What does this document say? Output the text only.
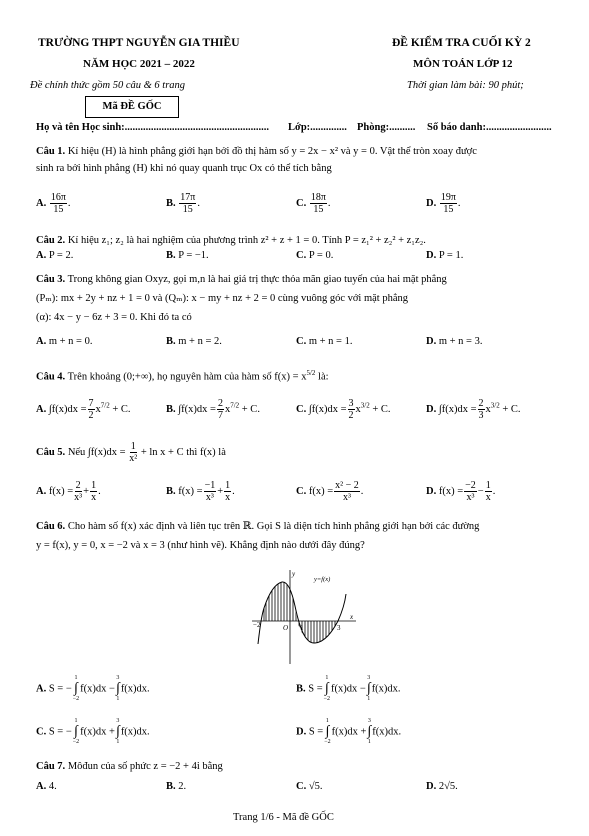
TRƯỜNG THPT NGUYỄN GIA THIỀU
NĂM HỌC 2021 – 2022
Đề chính thức gồm 50 câu & 6 trang
Mã ĐỀ GỐC
ĐỀ KIỂM TRA CUỐI KỲ 2
MÔN TOÁN LỚP 12
Thời gian làm bài: 90 phút;
Họ và tên Học sinh:....................................................... Lớp:.............. Phòng:.......... Số báo danh:.........................
Câu 1. Kí hiệu (H) là hình phẳng giới hạn bởi đồ thị hàm số y = 2x − x² và y = 0. Vật thể tròn xoay được
sinh ra bởi hình phẳng (H) khi nó quay quanh trục Ox có thể tích bằng
A. $\frac{16\pi}{15}$ .	B. $\frac{17\pi}{15}$ .	C. $\frac{18\pi}{15}$ .	D. $\frac{19\pi}{15}$ .
Câu 2. Kí hiệu z₁; z₂ là hai nghiệm của phương trình z² + z + 1 = 0. Tính P = z₁² + z₂² + z₁z₂.
A. P = 2.	B. P = −1.	C. P = 0.	D. P = 1.
Câu 3. Trong không gian Oxyz, gọi m,n là hai giá trị thực thỏa mãn giao tuyến của hai mặt phẳng
(Pₘ): mx + 2y + nz + 1 = 0 và (Qₘ): x − my + nz + 2 = 0 cùng vuông góc với mặt phẳng
(α): 4x − y − 6z + 3 = 0. Khi đó ta có
A. m + n = 0.	B. m + n = 2.	C. m + n = 1.	D. m + n = 3.
Câu 4. Trên khoảng (0;+∞), họ nguyên hàm của hàm số $f(x) = x^{5/2}$ là:
A. $\int f(x)dx = \frac{7}{2} x^{7/2} + C$.	B. $\int f(x)dx = \frac{2}{7} x^{7/2} + C$.	C. $\int f(x)dx = \frac{3}{2} x^{3/2} + C$.	D. $\int f(x)dx = \frac{2}{3} x^{3/2} + C$.
Câu 5. Nếu $\int f(x)dx = \frac{1}{\text{x²}} + \ln x + C$ thì f(x) là
A. $f(x) = \frac{2}{\text{x³}} + \frac{1}{x}$ .	B. $f(x) = \frac{-1}{\text{x³}} + \frac{1}{x}$ .	C. $f(x) = \frac{\text{x² − 2}}{\text{x³}}$ .	D. $f(x) = \frac{-2}{\text{x³}} - \frac{1}{x}$ .
Câu 6. Cho hàm số f(x) xác định và liên tục trên ℝ. Gọi S là diện tích hình phẳng giới hạn bởi các đường
y = f(x), y = 0, x = −2 và x = 3 (như hình vẽ). Khẳng định nào dưới đây đúng?
y
y=f(x)
x
O
−2	1	3
A. S = −
1
∫
−2
f(x)dx −
3
∫
1
f(x)dx.	B. S =
1
∫
−2
f(x)dx −
3
∫
1
f(x)dx.
C. S = −
1
∫
−2
f(x)dx +
3
∫
1
f(x)dx.	D. S =
1
∫
−2
f(x)dx +
3
∫
1
f(x)dx.
Câu 7. Môđun của số phức z = −2 + 4i bằng
A. 4.	B. 2.	C. √5.	D. 2√5.
Trang 1/6 - Mã đề GỐC
